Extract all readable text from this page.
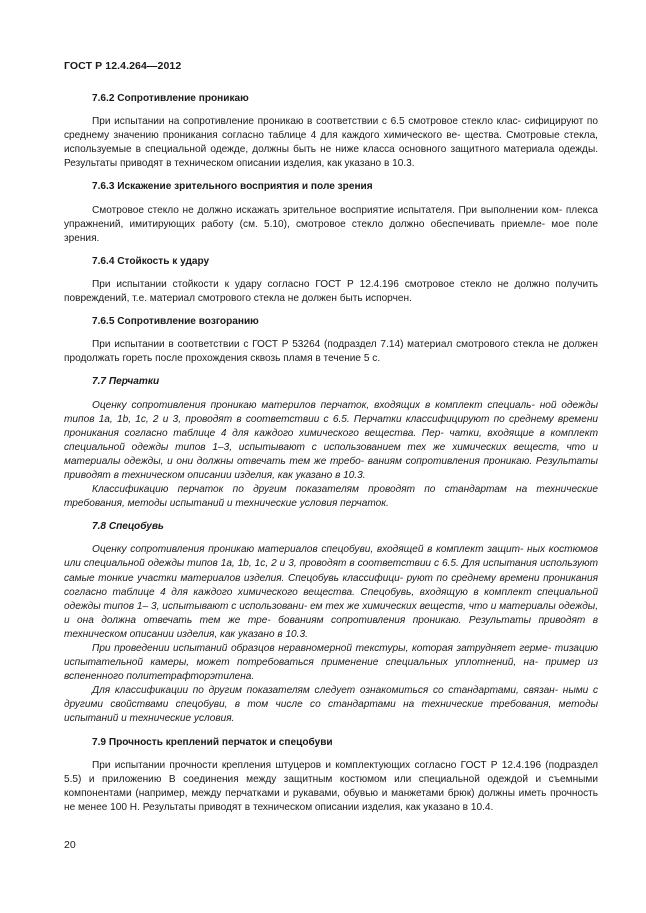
ГОСТ Р 12.4.264—2012
7.6.2 Сопротивление проникаю

При испытании на сопротивление проникаю в соответствии с 6.5 смотровое стекло клас- сифицируют по среднему значению проникания согласно таблице 4 для каждого химического ве- щества. Смотровые стекла, используемые в специальной одежде, должны быть не ниже класса основного защитного материала одежды. Результаты приводят в техническом описании изделия, как указано в 10.3.

7.6.3 Искажение зрительного восприятия и поле зрения

Смотровое стекло не должно искажать зрительное восприятие испытателя. При выполнении ком- плекса упражнений, имитирующих работу (см. 5.10), смотровое стекло должно обеспечивать приемле- мое поле зрения.

7.6.4 Стойкость к удару

При испытании стойкости к удару согласно ГОСТ Р 12.4.196 смотровое стекло не должно получить повреждений, т.е. материал смотрового стекла не должен быть испорчен.

7.6.5 Сопротивление возгоранию

При испытании в соответствии с ГОСТ Р 53264 (подраздел 7.14) материал смотрового стекла не должен продолжать гореть после прохождения сквозь пламя в течение 5 с.

7.7 Перчатки

Оценку сопротивления проникаю материлов перчаток, входящих в комплект специаль- ной одежды типов 1а, 1b, 1с, 2 и 3, проводят в соответствии с 6.5. Перчатки классифицируют по среднему времени проникания согласно таблице 4 для каждого химического вещества. Пер- чатки, входящие в комплект специальной одежды типов 1–3, испытывают с использованием тех же химических веществ, что и материалы одежды, и они должны отвечать тем же требо- ваниям сопротивления проникаю. Результаты приводят в техническом описании изделия, как указано в 10.3.

Классификацию перчаток по другим показателям проводят по стандартам на технические требования, методы испытаний и технические условия перчаток.

7.8 Спецобувь

Оценку сопротивления проникаю материалов спецобуви, входящей в комплект защит- ных костюмов или специальной одежды типов 1а, 1b, 1с, 2 и 3, проводят в соответствии с 6.5. Для испытания используют самые тонкие участки материалов изделия. Спецобувь классифици- руют по среднему времени проникания согласно таблице 4 для каждого химического вещества. Спецобувь, входящую в комплект специальной одежды типов 1– 3, испытывают с использовани- ем тех же химических веществ, что и материалы одежды, и она должна отвечать тем же тре- бованиям сопротивления проникаю. Результаты приводят в техническом описании изделия, как указано в 10.3.

При проведении испытаний образцов неравномерной текстуры, которая затрудняет герме- тизацию испытательной камеры, может потребоваться применение специальных уплотнений, на- пример из вспененного политетрафторэтилена.

Для классификации по другим показателям следует ознакомиться со стандартами, связан- ными с другими свойствами спецобуви, в том числе со стандартами на технические требования, методы испытаний и технические условия.

7.9 Прочность креплений перчаток и спецобуви

При испытании прочности крепления штуцеров и комплектующих согласно ГОСТ Р 12.4.196 (подраздел 5.5) и приложению В соединения между защитным костюмом или специальной одеждой и съемными компонентами (например, между перчатками и рукавами, обувью и манжетами брюк) должны иметь прочность не менее 100 Н. Результаты приводят в техническом описании изделия, как указано в 10.4.

20
